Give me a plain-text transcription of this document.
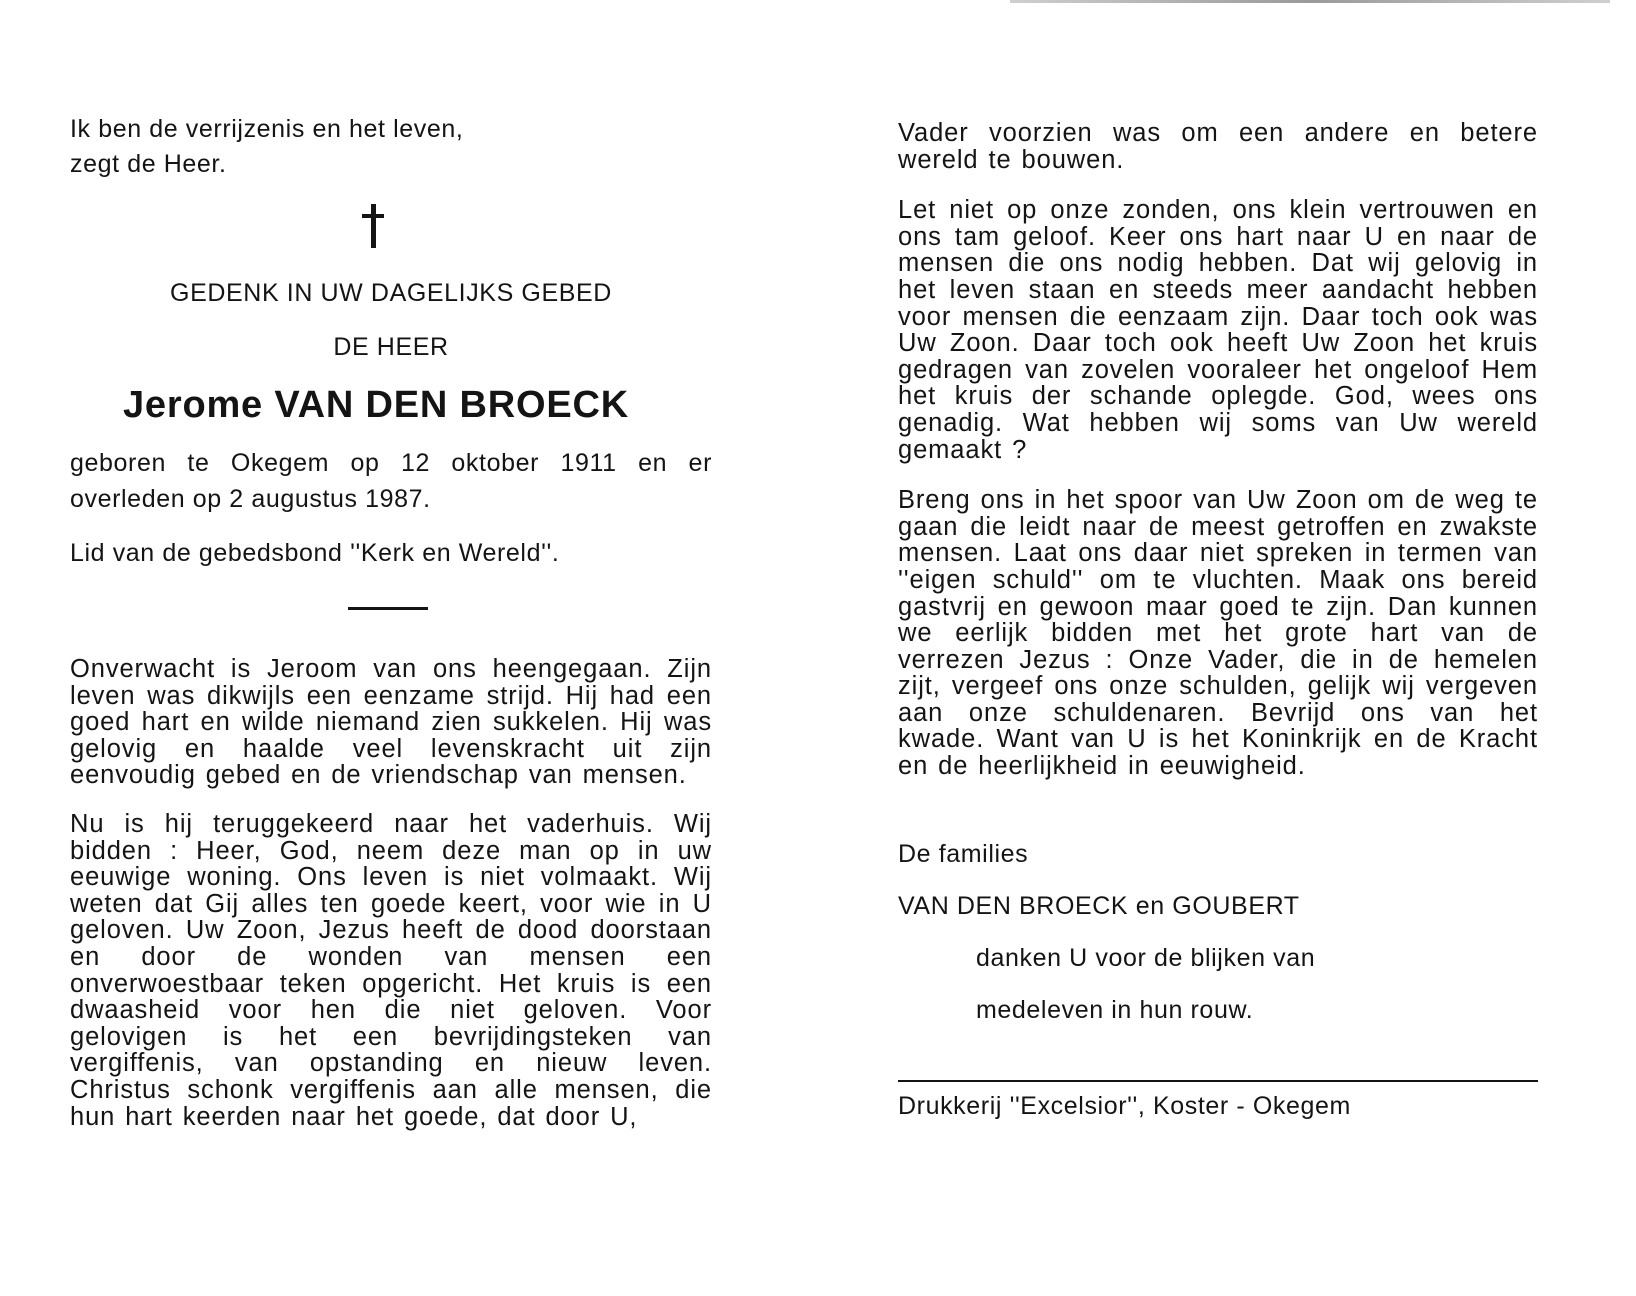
Ik ben de verrijzenis en het leven,
zegt de Heer.

GEDENK IN UW DAGELIJKS GEBED

DE HEER

Jerome VAN DEN BROECK

geboren te Okegem op 12 oktober 1911 en er overleden op 2 augustus 1987.

Lid van de gebedsbond ''Kerk en Wereld''.

Onverwacht is Jeroom van ons heengegaan. Zijn leven was dikwijls een eenzame strijd. Hij had een goed hart en wilde niemand zien sukkelen. Hij was gelovig en haalde veel levenskracht uit zijn eenvoudig gebed en de vriendschap van mensen.

Nu is hij teruggekeerd naar het vaderhuis. Wij bidden : Heer, God, neem deze man op in uw eeuwige woning. Ons leven is niet volmaakt. Wij weten dat Gij alles ten goede keert, voor wie in U geloven. Uw Zoon, Jezus heeft de dood doorstaan en door de wonden van mensen een onverwoestbaar teken opgericht. Het kruis is een dwaasheid voor hen die niet geloven. Voor gelovigen is het een bevrijdingsteken van vergiffenis, van opstanding en nieuw leven. Christus schonk vergiffenis aan alle mensen, die hun hart keerden naar het goede, dat door U,

Vader voorzien was om een andere en betere wereld te bouwen.

Let niet op onze zonden, ons klein vertrouwen en ons tam geloof. Keer ons hart naar U en naar de mensen die ons nodig hebben. Dat wij gelovig in het leven staan en steeds meer aandacht hebben voor mensen die eenzaam zijn. Daar toch ook was Uw Zoon. Daar toch ook heeft Uw Zoon het kruis gedragen van zovelen vooraleer het ongeloof Hem het kruis der schande oplegde. God, wees ons genadig. Wat hebben wij soms van Uw wereld gemaakt ?

Breng ons in het spoor van Uw Zoon om de weg te gaan die leidt naar de meest getroffen en zwakste mensen. Laat ons daar niet spreken in termen van ''eigen schuld'' om te vluchten. Maak ons bereid gastvrij en gewoon maar goed te zijn. Dan kunnen we eerlijk bidden met het grote hart van de verrezen Jezus : Onze Vader, die in de hemelen zijt, vergeef ons onze schulden, gelijk wij vergeven aan onze schuldenaren. Bevrijd ons van het kwade. Want van U is het Koninkrijk en de Kracht en de heerlijkheid in eeuwigheid.

De families
VAN DEN BROECK en GOUBERT
danken U voor de blijken van
medeleven in hun rouw.

Drukkerij ''Excelsior'', Koster - Okegem
